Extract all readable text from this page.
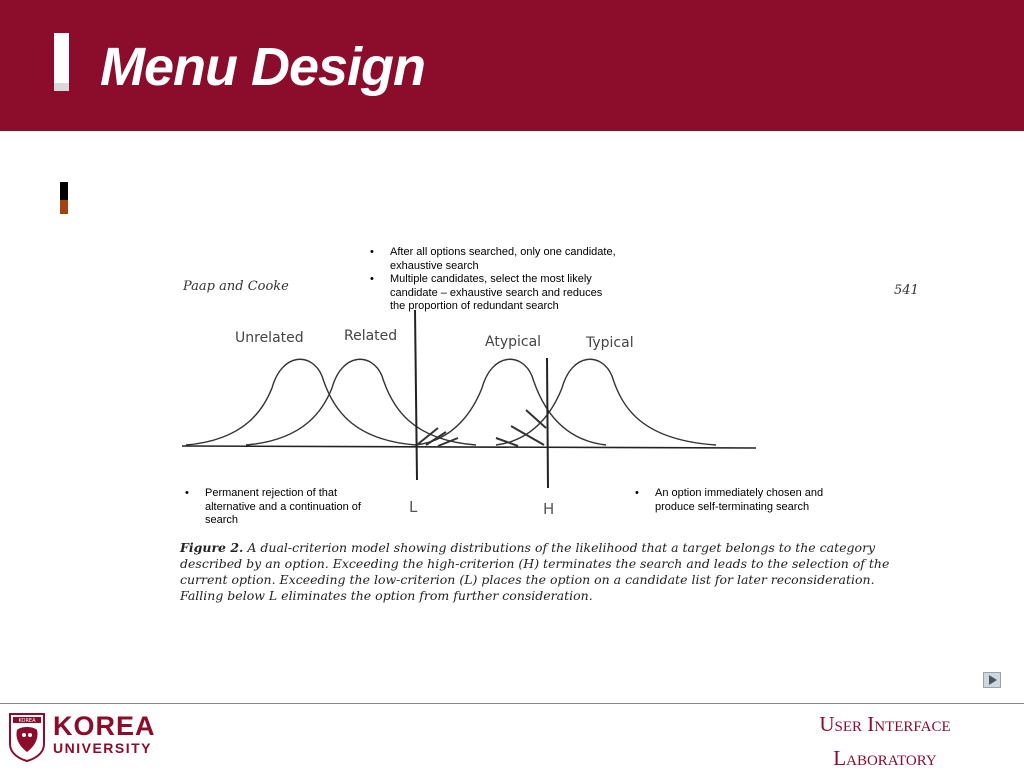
Menu Design
Paap and Cooke	541
Unrelated	Related	Atypical	Typical
L	H
• After all options searched, only one candidate, exhaustive search
• Multiple candidates, select the most likely candidate – exhaustive search and reduces the proportion of redundant search
• Permanent rejection of that alternative and a continuation of search
• An option immediately chosen and produce self-terminating search
Figure 2. A dual-criterion model showing distributions of the likelihood that a target belongs to the category described by an option. Exceeding the high-criterion (H) terminates the search and leads to the selection of the current option. Exceeding the low-criterion (L) places the option on a candidate list for later reconsideration. Falling below L eliminates the option from further consideration.
KOREA KOREA
UNIVERSITY
User Interface
Laboratory
